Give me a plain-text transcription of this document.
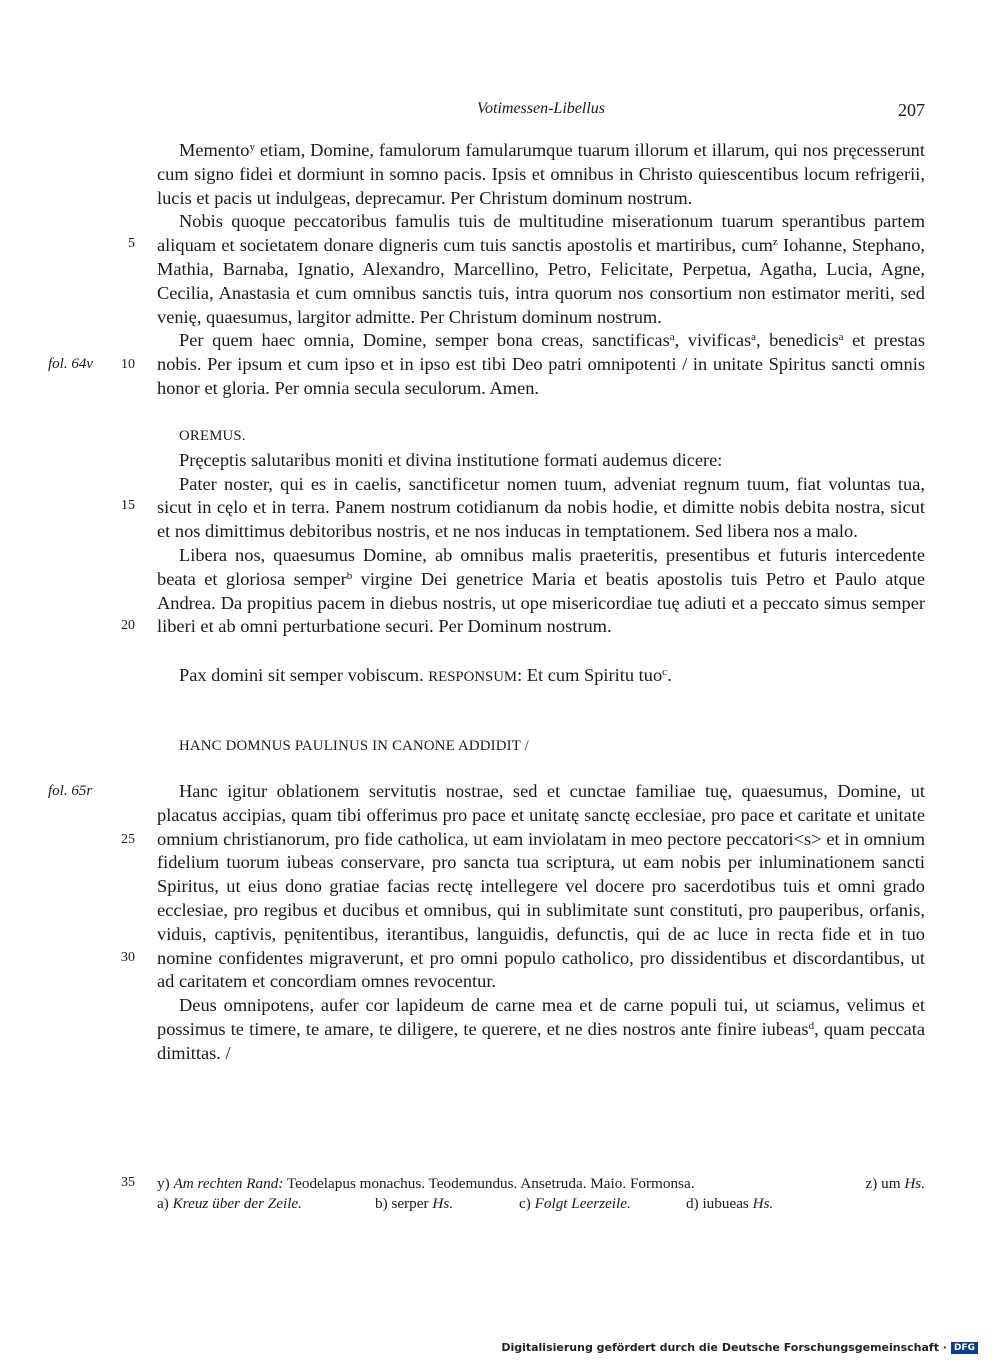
Votimessen-Libellus	207
5
10
15
20
25
30
35
fol. 64v
fol. 65r

Memento$^y$ etiam, Domine, famulorum famularumque tuarum illorum et illarum, qui nos pręcesserunt cum signo fidei et dormiunt in somno pacis. Ipsis et omnibus in Christo quiescentibus locum refrigerii, lucis et pacis ut indulgeas, deprecamur. Per Christum dominum nostrum.

Nobis quoque peccatoribus famulis tuis de multitudine miserationum tuarum sperantibus partem aliquam et societatem donare digneris cum tuis sanctis apostolis et martiribus, cum$^z$ Iohanne, Stephano, Mathia, Barnaba, Ignatio, Alexandro, Marcellino, Petro, Felicitate, Perpetua, Agatha, Lucia, Agne, Cecilia, Anastasia et cum omnibus sanctis tuis, intra quorum nos consortium non estimator meriti, sed venię, quaesumus, largitor admitte. Per Christum dominum nostrum.

Per quem haec omnia, Domine, semper bona creas, sanctificas$^a$, vivificas$^a$, benedicis$^a$ et prestas nobis. Per ipsum et cum ipso et in ipso est tibi Deo patri omnipotenti / in unitate Spiritus sancti omnis honor et gloria. Per omnia secula seculorum. Amen.

OREMUS.

Pręceptis salutaribus moniti et divina institutione formati audemus dicere:

Pater noster, qui es in caelis, sanctificetur nomen tuum, adveniat regnum tuum, fiat voluntas tua, sicut in cęlo et in terra. Panem nostrum cotidianum da nobis hodie, et dimitte nobis debita nostra, sicut et nos dimittimus debitoribus nostris, et ne nos inducas in temptationem. Sed libera nos a malo.

Libera nos, quaesumus Domine, ab omnibus malis praeteritis, presentibus et futuris intercedente beata et gloriosa semper$^b$ virgine Dei genetrice Maria et beatis apostolis tuis Petro et Paulo atque Andrea. Da propitius pacem in diebus nostris, ut ope misericordiae tuę adiuti et a peccato simus semper liberi et ab omni perturbatione securi. Per Dominum nostrum.

Pax domini sit semper vobiscum. RESPONSUM: Et cum Spiritu tuo$^c$.

HANC DOMNUS PAULINUS IN CANONE ADDIDIT /

Hanc igitur oblationem servitutis nostrae, sed et cunctae familiae tuę, quaesumus, Domine, ut placatus accipias, quam tibi offerimus pro pace et unitatę sanctę ecclesiae, pro pace et caritate et unitate omnium christianorum, pro fide catholica, ut eam inviolatam in meo pectore peccatori<s> et in omnium fidelium tuorum iubeas conservare, pro sancta tua scriptura, ut eam nobis per inluminationem sancti Spiritus, ut eius dono gratiae facias rectę intellegere vel docere pro sacerdotibus tuis et omni grado ecclesiae, pro regibus et ducibus et omnibus, qui in sublimitate sunt constituti, pro pauperibus, orfanis, viduis, captivis, pęnitentibus, iterantibus, languidis, defunctis, qui de ac luce in recta fide et in tuo nomine confidentes migraverunt, et pro omni populo catholico, pro dissidentibus et discordantibus, ut ad caritatem et concordiam omnes revocentur.

Deus omnipotens, aufer cor lapideum de carne mea et de carne populi tui, ut sciamus, velimus et possimus te timere, te amare, te diligere, te querere, et ne dies nostros ante finire iubeas$^d$, quam peccata dimittas. /

y) Am rechten Rand: Teodelapus monachus. Teodemundus. Ansetruda. Maio. Formonsa.	z) um Hs.
a) Kreuz über der Zeile.	b) serper Hs.	c) Folgt Leerzeile.	d) iubueas Hs.
Digitalisierung gefördert durch die Deutsche Forschungsgemeinschaft · DFG
